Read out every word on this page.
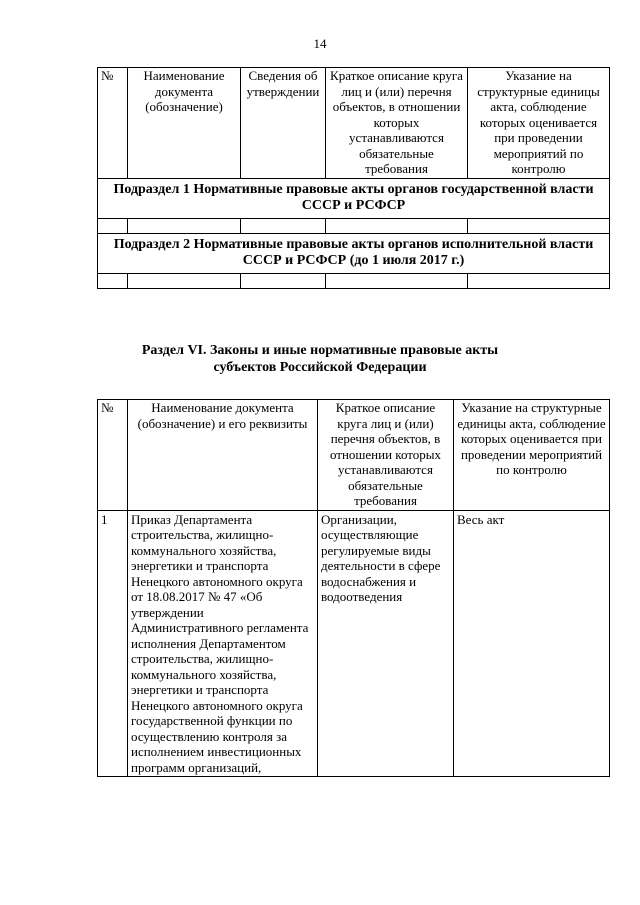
14
№	Наименование документа (обозначение)	Сведения об утверждении	Краткое описание круга лиц и (или) перечня объектов, в отношении которых устанавливаются обязательные требования	Указание на структурные единицы акта, соблюдение которых оценивается при проведении мероприятий по контролю
Подраздел 1 Нормативные правовые акты органов государственной власти СССР и РСФСР				

Подраздел 2 Нормативные правовые акты органов исполнительной власти СССР и РСФСР (до 1 июля 2017 г.)				

Раздел VI. Законы и иные нормативные правовые акты
субъектов Российской Федерации
№	Наименование документа (обозначение) и его реквизиты	Краткое описание круга лиц и (или) перечня объектов, в отношении которых устанавливаются обязательные требования	Указание на структурные единицы акта, соблюдение которых оценивается при проведении мероприятий по контролю
1	Приказ Департамента строительства, жилищно-коммунального хозяйства, энергетики и транспорта Ненецкого автономного округа от 18.08.2017 № 47 «Об утверждении Административного регламента исполнения Департаментом строительства, жилищно-коммунального хозяйства, энергетики и транспорта Ненецкого автономного округа государственной функции по осуществлению контроля за исполнением инвестиционных программ организаций,	Организации, осуществляющие регулируемые виды деятельности в сфере водоснабжения и водоотведения	Весь акт
